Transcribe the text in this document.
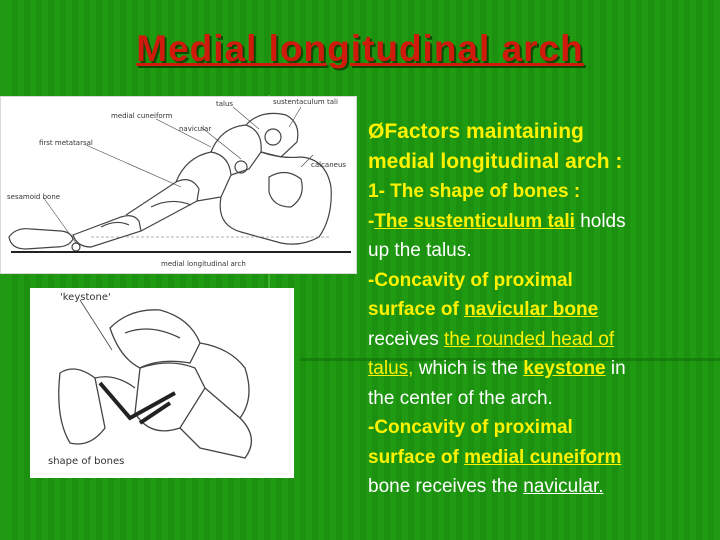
Medial longitudinal arch
talus	sustentaculum tali
medial cuneiform
navicular
calcaneus
first metatarsal
sesamoid bone
medial longitudinal arch
'keystone'
shape of bones
ØFactors maintaining
medial longitudinal arch :
1- The shape of bones :
-The sustenticulum tali holds
up the talus.
-Concavity of proximal
surface of navicular bone
receives the rounded head of
talus, which is the keystone in
the center of the arch.
-Concavity of proximal
surface of medial cuneiform
bone receives the navicular.
